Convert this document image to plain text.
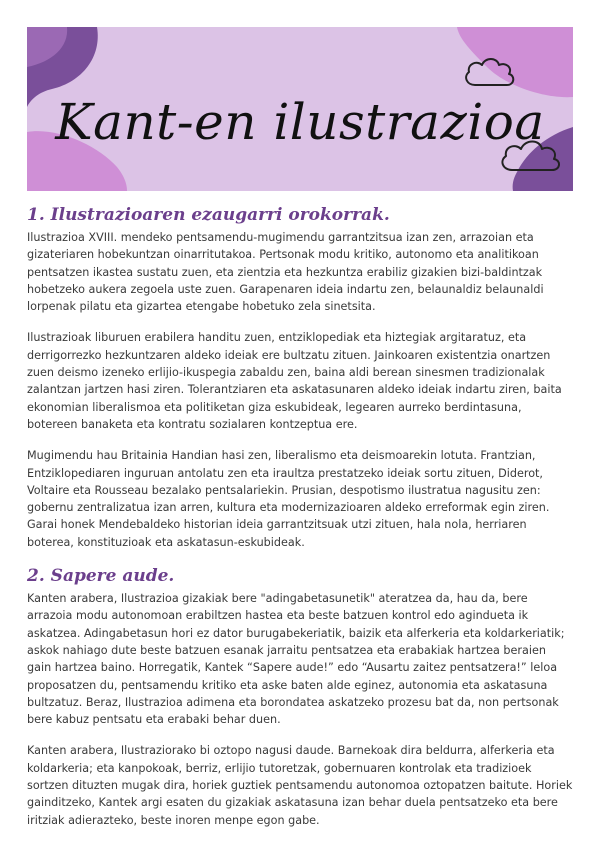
Kant-en ilustrazioa
1. Ilustrazioaren ezaugarri orokorrak.

Ilustrazioa XVIII. mendeko pentsamendu-mugimendu garrantzitsua izan zen, arrazoian eta gizateriaren hobekuntzan oinarritutakoa. Pertsonak modu kritiko, autonomo eta analitikoan pentsatzen ikastea sustatu zuen, eta zientzia eta hezkuntza erabiliz gizakien bizi-baldintzak hobetzeko aukera zegoela uste zuen. Garapenaren ideia indartu zen, belaunaldiz belaunaldi lorpenak pilatu eta gizartea etengabe hobetuko zela sinetsita.

Ilustrazioak liburuen erabilera handitu zuen, entziklopediak eta hiztegiak argitaratuz, eta derrigorrezko hezkuntzaren aldeko ideiak ere bultzatu zituen. Jainkoaren existentzia onartzen zuen deismo izeneko erlijio-ikuspegia zabaldu zen, baina aldi berean sinesmen tradizionalak zalantzan jartzen hasi ziren. Tolerantziaren eta askatasunaren aldeko ideiak indartu ziren, baita ekonomian liberalismoa eta politiketan giza eskubideak, legearen aurreko berdintasuna, botereen banaketa eta kontratu sozialaren kontzeptua ere.

Mugimendu hau Britainia Handian hasi zen, liberalismo eta deismoarekin lotuta. Frantzian, Entziklopediaren inguruan antolatu zen eta iraultza prestatzeko ideiak sortu zituen, Diderot, Voltaire eta Rousseau bezalako pentsalariekin. Prusian, despotismo ilustratua nagusitu zen: gobernu zentralizatua izan arren, kultura eta modernizazioaren aldeko erreformak egin ziren. Garai honek Mendebaldeko historian ideia garrantzitsuak utzi zituen, hala nola, herriaren boterea, konstituzioak eta askatasun-eskubideak.

2. Sapere aude.

Kanten arabera, Ilustrazioa gizakiak bere "adingabetasunetik" ateratzea da, hau da, bere arrazoia modu autonomoan erabiltzen hastea eta beste batzuen kontrol edo agindueta ik askatzea. Adingabetasun hori ez dator burugabekeriatik, baizik eta alferkeria eta koldarkeriatik; askok nahiago dute beste batzuen esanak jarraitu pentsatzea eta erabakiak hartzea beraien gain hartzea baino. Horregatik, Kantek “Sapere aude!” edo “Ausartu zaitez pentsatzera!” leloa proposatzen du, pentsamendu kritiko eta aske baten alde eginez, autonomia eta askatasuna bultzatuz. Beraz, Ilustrazioa adimena eta borondatea askatzeko prozesu bat da, non pertsonak bere kabuz pentsatu eta erabaki behar duen.

Kanten arabera, Ilustraziorako bi oztopo nagusi daude. Barnekoak dira beldurra, alferkeria eta koldarkeria; eta kanpokoak, berriz, erlijio tutoretzak, gobernuaren kontrolak eta tradizioek sortzen dituzten mugak dira, horiek guztiek pentsamendu autonomoa oztopatzen baitute. Horiek gainditzeko, Kantek argi esaten du gizakiak askatasuna izan behar duela pentsatzeko eta bere iritziak adierazteko, beste inoren menpe egon gabe.
